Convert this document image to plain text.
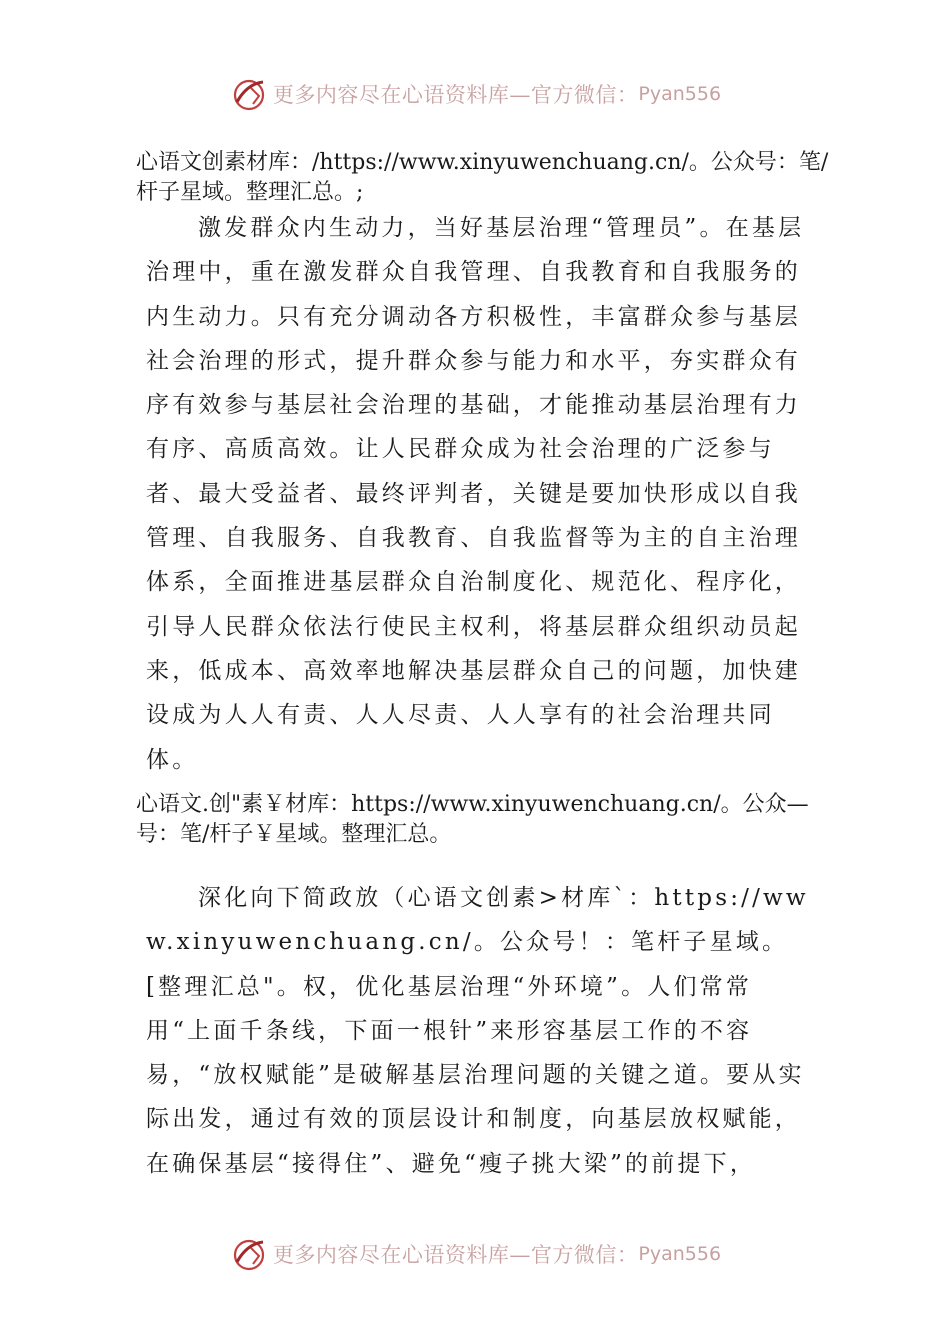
更多内容尽在心语资料库—官方微信： Pyan556
心语文创素材库：/https://www.xinyuwenchuang.cn/。公众号：笔/杆子星域。整理汇总。;
激发群众内生动力，当好基层治理“管理员”。在基层治理中，重在激发群众自我管理、自我教育和自我服务的内生动力。只有充分调动各方积极性，丰富群众参与基层社会治理的形式，提升群众参与能力和水平，夯实群众有序有效参与基层社会治理的基础，才能推动基层治理有力有序、高质高效。让人民群众成为社会治理的广泛参与者、最大受益者、最终评判者，关键是要加快形成以自我管理、自我服务、自我教育、自我监督等为主的自主治理体系，全面推进基层群众自治制度化、规范化、程序化，引导人民群众依法行使民主权利，将基层群众组织动员起来，低成本、高效率地解决基层群众自己的问题，加快建设成为人人有责、人人尽责、人人享有的社会治理共同体。
心语文.创"素￥材库：https://www.xinyuwenchuang.cn/。公众—号：笔/杆子￥星域。整理汇总。
深化向下简政放（心语文创素>材库`：https://www.xinyuwenchuang.cn/。公众号！：笔杆子星域。[整理汇总"。权，优化基层治理“外环境”。人们常常用“上面千条线，下面一根针”来形容基层工作的不容易，“放权赋能”是破解基层治理问题的关键之道。要从实际出发，通过有效的顶层设计和制度，向基层放权赋能，在确保基层“接得住”、避免“瘦子挑大梁”的前提下，
更多内容尽在心语资料库—官方微信： Pyan556
